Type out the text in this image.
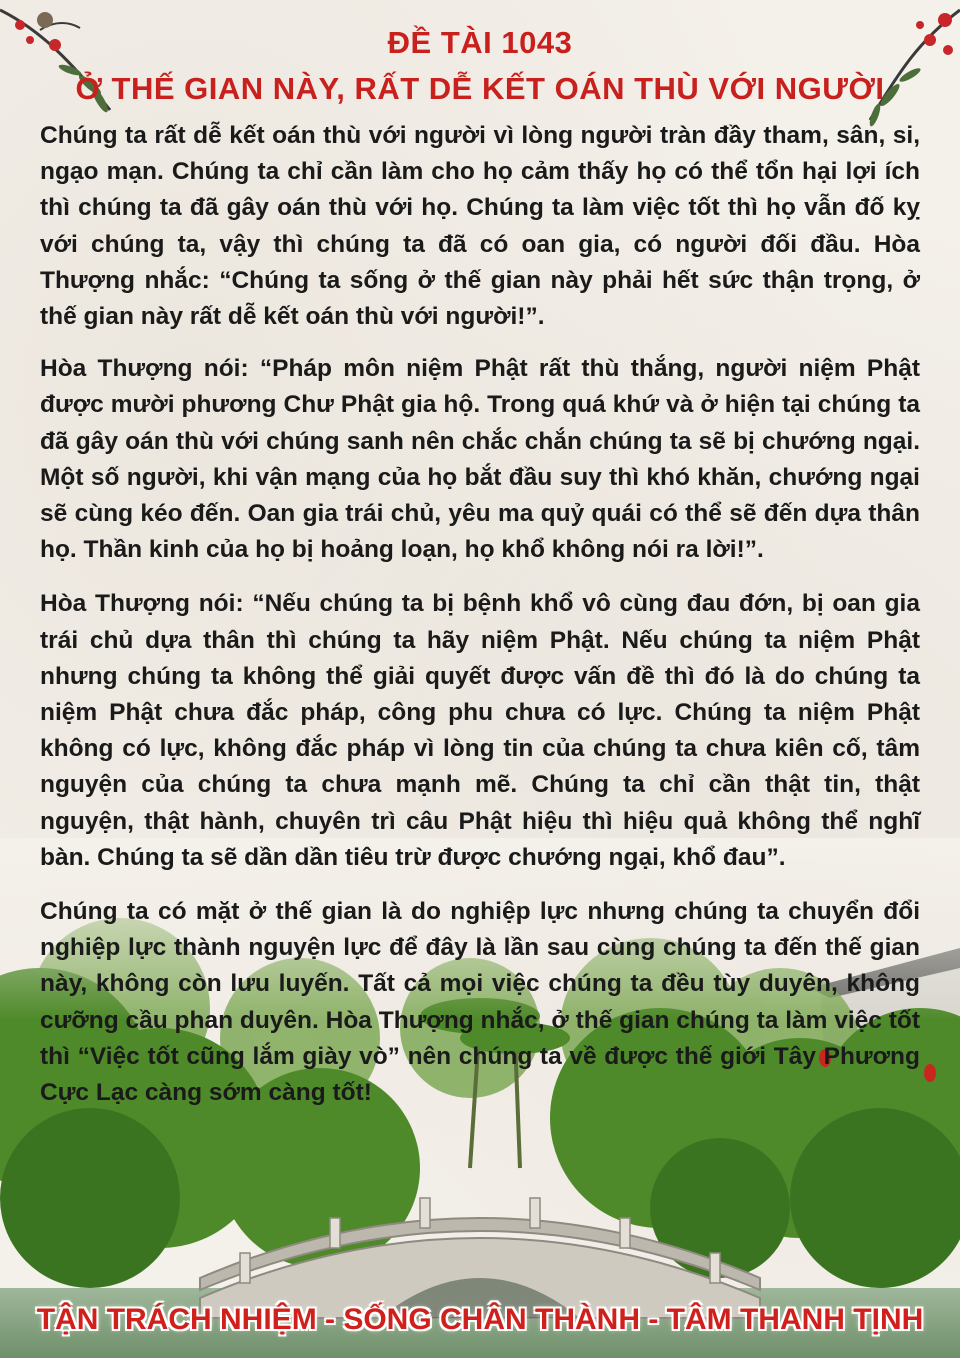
ĐỀ TÀI 1043
Ở THẾ GIAN NÀY, RẤT DỄ KẾT OÁN THÙ VỚI NGƯỜI

Chúng ta rất dễ kết oán thù với người vì lòng người tràn đầy tham, sân, si, ngạo mạn. Chúng ta chỉ cần làm cho họ cảm thấy họ có thể tổn hại lợi ích thì chúng ta đã gây oán thù với họ. Chúng ta làm việc tốt thì họ vẫn đố kỵ với chúng ta, vậy thì chúng ta đã có oan gia, có người đối đầu. Hòa Thượng nhắc: “Chúng ta sống ở thế gian này phải hết sức thận trọng, ở thế gian này rất dễ kết oán thù với người!”.

Hòa Thượng nói: “Pháp môn niệm Phật rất thù thắng, người niệm Phật được mười phương Chư Phật gia hộ. Trong quá khứ và ở hiện tại chúng ta đã gây oán thù với chúng sanh nên chắc chắn chúng ta sẽ bị chướng ngại. Một số người, khi vận mạng của họ bắt đầu suy thì khó khăn, chướng ngại sẽ cùng kéo đến. Oan gia trái chủ, yêu ma quỷ quái có thể sẽ đến dựa thân họ. Thần kinh của họ bị hoảng loạn, họ khổ không nói ra lời!”.

Hòa Thượng nói: “Nếu chúng ta bị bệnh khổ vô cùng đau đớn, bị oan gia trái chủ dựa thân thì chúng ta hãy niệm Phật. Nếu chúng ta niệm Phật nhưng chúng ta không thể giải quyết được vấn đề thì đó là do chúng ta niệm Phật chưa đắc pháp, công phu chưa có lực. Chúng ta niệm Phật không có lực, không đắc pháp vì lòng tin của chúng ta chưa kiên cố, tâm nguyện của chúng ta chưa mạnh mẽ. Chúng ta chỉ cần thật tin, thật nguyện, thật hành, chuyên trì câu Phật hiệu thì hiệu quả không thể nghĩ bàn. Chúng ta sẽ dần dần tiêu trừ được chướng ngại, khổ đau”.

Chúng ta có mặt ở thế gian là do nghiệp lực nhưng chúng ta chuyển đổi nghiệp lực thành nguyện lực để đây là lần sau cùng chúng ta đến thế gian này, không còn lưu luyến. Tất cả mọi việc chúng ta đều tùy duyên, không cưỡng cầu phan duyên. Hòa Thượng nhắc, ở thế gian chúng ta làm việc tốt thì “Việc tốt cũng lắm giày vò” nên chúng ta về được thế giới Tây Phương Cực Lạc càng sớm càng tốt!

TẬN TRÁCH NHIỆM - SỐNG CHÂN THÀNH - TÂM THANH TỊNH
